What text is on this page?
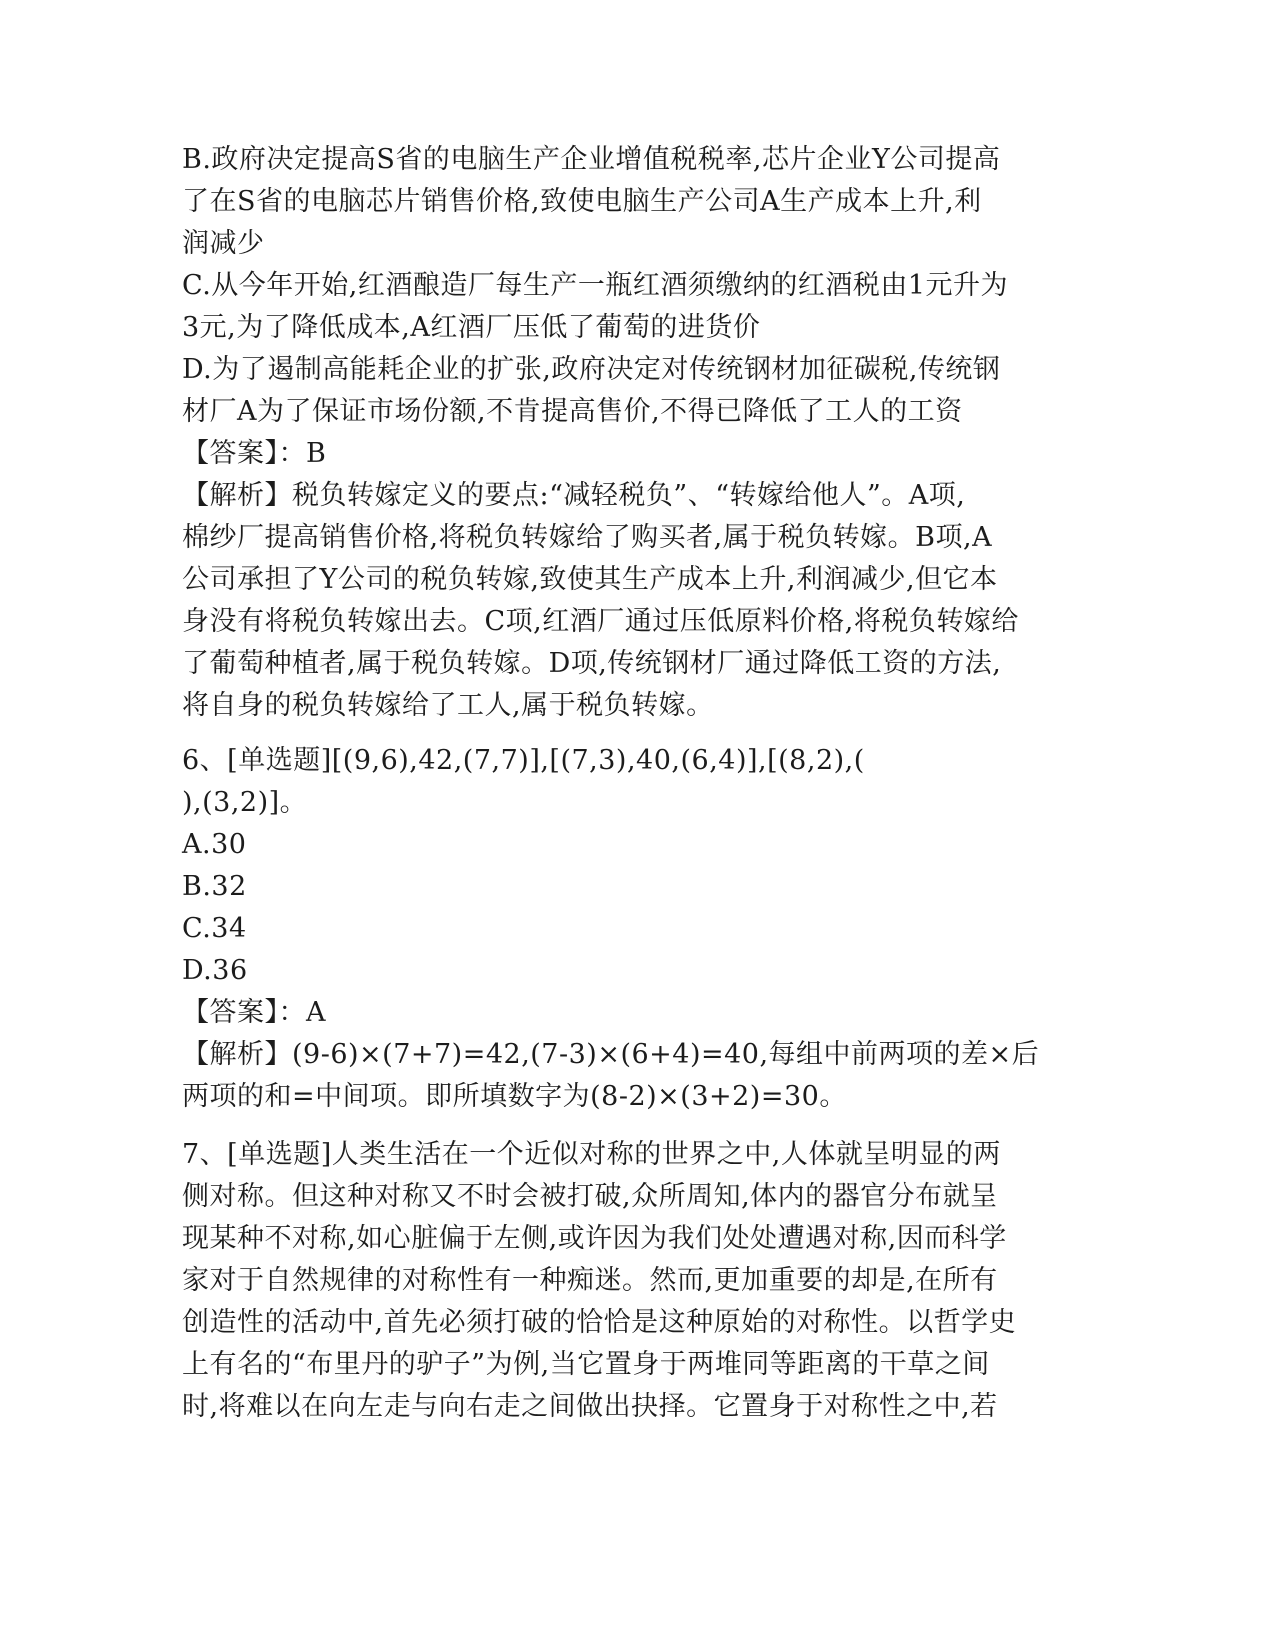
B.政府决定提高S省的电脑生产企业增值税税率,芯片企业Y公司提高
了在S省的电脑芯片销售价格,致使电脑生产公司A生产成本上升,利
润减少
C.从今年开始,红酒酿造厂每生产一瓶红酒须缴纳的红酒税由1元升为
3元,为了降低成本,A红酒厂压低了葡萄的进货价
D.为了遏制高能耗企业的扩张,政府决定对传统钢材加征碳税,传统钢
材厂A为了保证市场份额,不肯提高售价,不得已降低了工人的工资
【答案】：B
【解析】税负转嫁定义的要点:“减轻税负”、“转嫁给他人”。A项,
棉纱厂提高销售价格,将税负转嫁给了购买者,属于税负转嫁。B项,A
公司承担了Y公司的税负转嫁,致使其生产成本上升,利润减少,但它本
身没有将税负转嫁出去。C项,红酒厂通过压低原料价格,将税负转嫁给
了葡萄种植者,属于税负转嫁。D项,传统钢材厂通过降低工资的方法,
将自身的税负转嫁给了工人,属于税负转嫁。
6、[单选题][(9,6),42,(7,7)],[(7,3),40,(6,4)],[(8,2),(
),(3,2)]。
A.30
B.32
C.34
D.36
【答案】：A
【解析】(9-6)×(7+7)=42,(7-3)×(6+4)=40,每组中前两项的差×后
两项的和=中间项。即所填数字为(8-2)×(3+2)=30。
7、[单选题]人类生活在一个近似对称的世界之中,人体就呈明显的两
侧对称。但这种对称又不时会被打破,众所周知,体内的器官分布就呈
现某种不对称,如心脏偏于左侧,或许因为我们处处遭遇对称,因而科学
家对于自然规律的对称性有一种痴迷。然而,更加重要的却是,在所有
创造性的活动中,首先必须打破的恰恰是这种原始的对称性。以哲学史
上有名的“布里丹的驴子”为例,当它置身于两堆同等距离的干草之间
时,将难以在向左走与向右走之间做出抉择。它置身于对称性之中,若
